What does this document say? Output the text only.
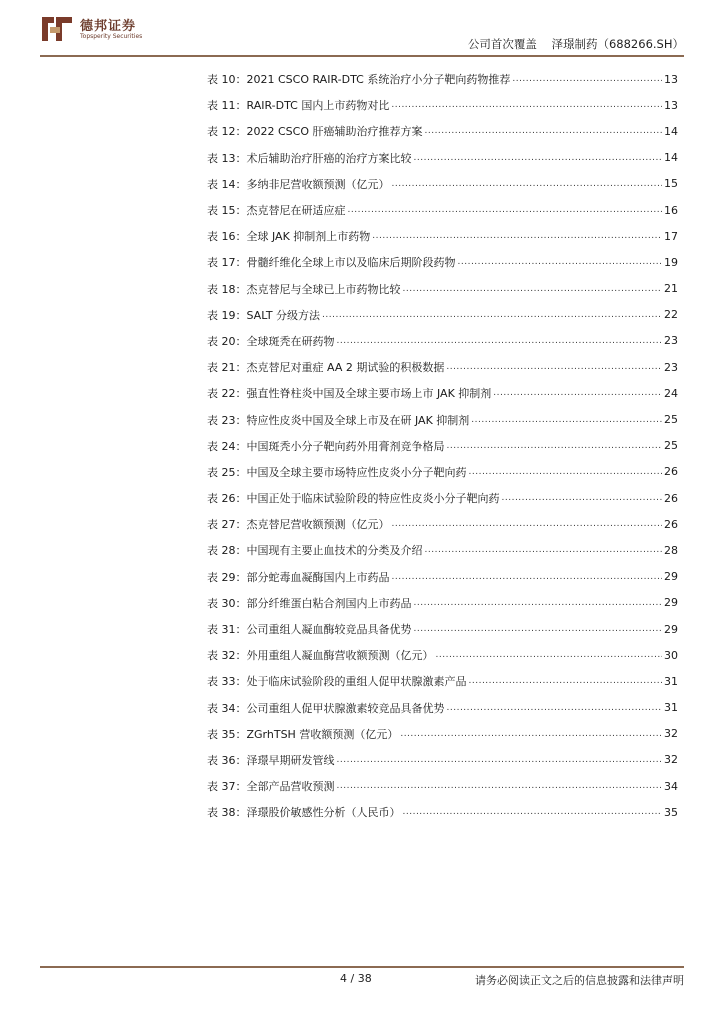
德邦证券
Topsperity Securities
公司首次覆盖 泽璟制药（688266.SH）
表 10：2021 CSCO RAIR-DTC 系统治疗小分子靶向药物推荐 .....	13
表 11：RAIR-DTC 国内上市药物对比 .....	13
表 12：2022 CSCO 肝癌辅助治疗推荐方案 .....	14
表 13：术后辅助治疗肝癌的治疗方案比较 .....	14
表 14：多纳非尼营收额预测（亿元） .....	15
表 15：杰克替尼在研适应症 .....	16
表 16：全球 JAK 抑制剂上市药物 .....	17
表 17：骨髓纤维化全球上市以及临床后期阶段药物 .....	19
表 18：杰克替尼与全球已上市药物比较 .....	21
表 19：SALT 分级方法 .....	22
表 20：全球斑秃在研药物 .....	23
表 21：杰克替尼对重症 AA 2 期试验的积极数据 .....	23
表 22：强直性脊柱炎中国及全球主要市场上市 JAK 抑制剂 .....	24
表 23：特应性皮炎中国及全球上市及在研 JAK 抑制剂 .....	25
表 24：中国斑秃小分子靶向药外用膏剂竞争格局 .....	25
表 25：中国及全球主要市场特应性皮炎小分子靶向药 .....	26
表 26：中国正处于临床试验阶段的特应性皮炎小分子靶向药 .....	26
表 27：杰克替尼营收额预测（亿元） .....	26
表 28：中国现有主要止血技术的分类及介绍 .....	28
表 29：部分蛇毒血凝酶国内上市药品 .....	29
表 30：部分纤维蛋白粘合剂国内上市药品 .....	29
表 31：公司重组人凝血酶较竞品具备优势 .....	29
表 32：外用重组人凝血酶营收额预测（亿元） .....	30
表 33：处于临床试验阶段的重组人促甲状腺激素产品 .....	31
表 34：公司重组人促甲状腺激素较竞品具备优势 .....	31
表 35：ZGrhTSH 营收额预测（亿元） .....	32
表 36：泽璟早期研发管线 .....	32
表 37：全部产品营收预测 .....	34
表 38：泽璟股价敏感性分析（人民币） .....	35
4 / 38	请务必阅读正文之后的信息披露和法律声明
